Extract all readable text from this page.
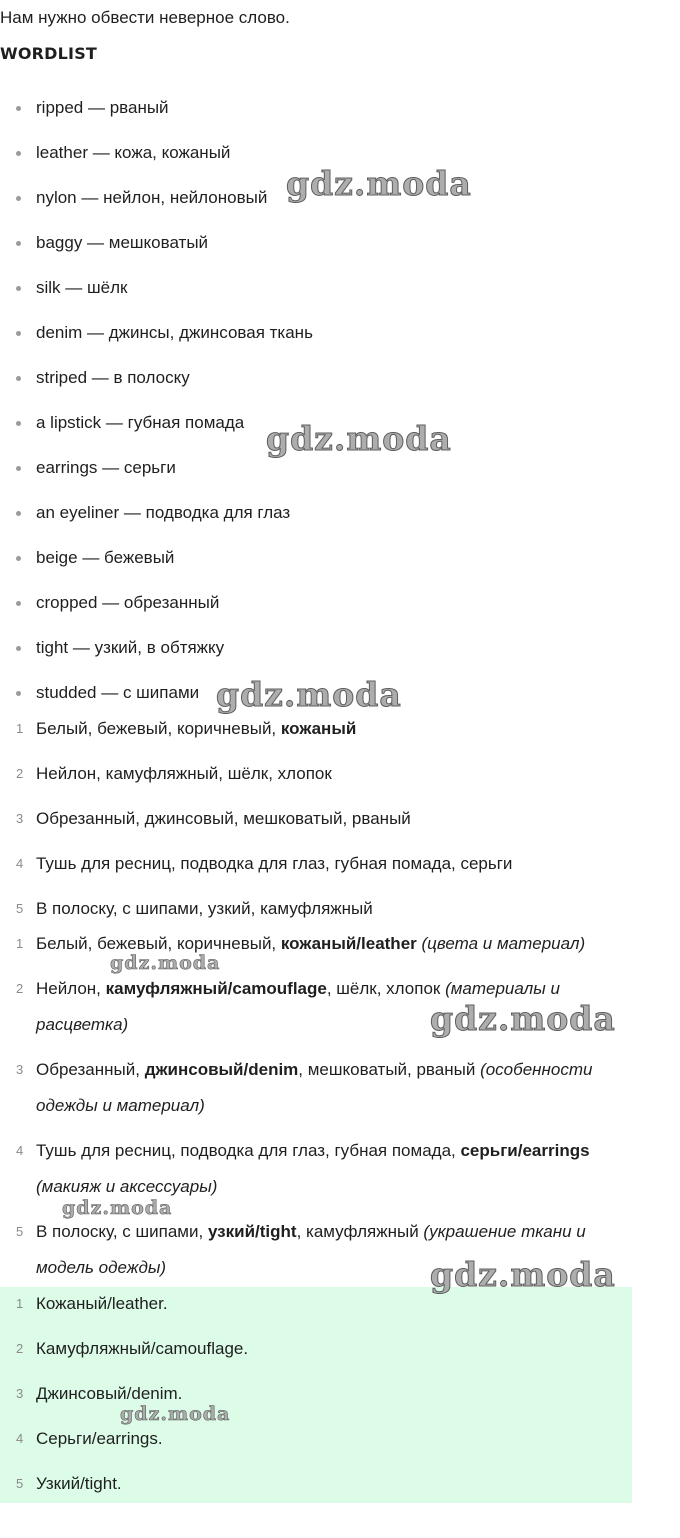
Нам нужно обвести неверное слово.
WORDLIST
ripped — рваный
leather — кожа, кожаный
nylon — нейлон, нейлоновый
baggy — мешковатый
silk — шёлк
denim — джинсы, джинсовая ткань
striped — в полоску
a lipstick — губная помада
earrings — серьги
an eyeliner — подводка для глаз
beige — бежевый
cropped — обрезанный
tight — узкий, в обтяжку
studded — с шипами
1 Белый, бежевый, коричневый, кожаный
2 Нейлон, камуфляжный, шёлк, хлопок
3 Обрезанный, джинсовый, мешковатый, рваный
4 Тушь для ресниц, подводка для глаз, губная помада, серьги
5 В полоску, с шипами, узкий, камуфляжный
1 Белый, бежевый, коричневый, кожаный/leather (цвета и материал)
2 Нейлон, камуфляжный/camouflage, шёлк, хлопок (материалы и расцветка)
3 Обрезанный, джинсовый/denim, мешковатый, рваный (особенности одежды и материал)
4 Тушь для ресниц, подводка для глаз, губная помада, серьги/earrings (макияж и аксессуары)
5 В полоску, с шипами, узкий/tight, камуфляжный (украшение ткани и модель одежды)
1 Кожаный/leather.
2 Камуфляжный/camouflage.
3 Джинсовый/denim.
4 Серьги/earrings.
5 Узкий/tight.
gdz.moda
gdz.moda
gdz.moda
gdz.moda
gdz.moda
gdz.moda
gdz.moda
gdz.moda
